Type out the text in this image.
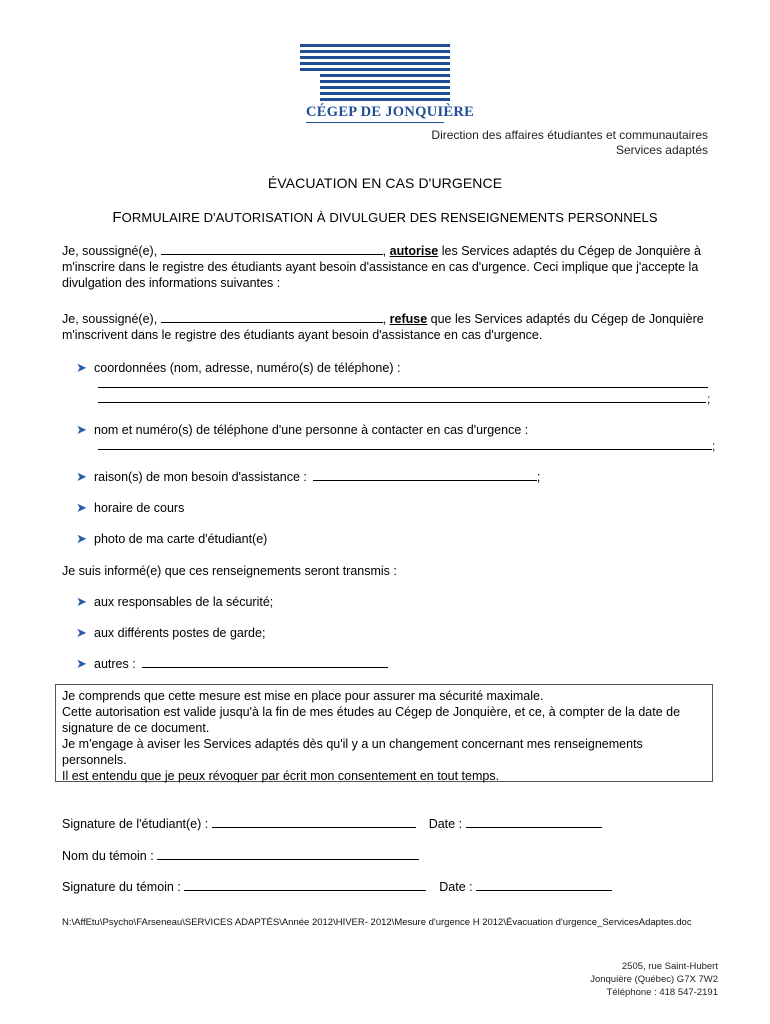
CÉGEP DE JONQUIÈRE
Direction des affaires étudiantes et communautaires
Services adaptés
ÉVACUATION EN CAS D'URGENCE
FORMULAIRE D'AUTORISATION À DIVULGUER DES RENSEIGNEMENTS PERSONNELS
Je, soussigné(e),	, autorise les Services adaptés du Cégep de Jonquière à m'inscrire dans le registre des étudiants ayant besoin d'assistance en cas d'urgence. Ceci implique que j'accepte la divulgation des informations suivantes :
Je, soussigné(e),	, refuse que les Services adaptés du Cégep de Jonquière m'inscrivent dans le registre des étudiants ayant besoin d'assistance en cas d'urgence.
➤ coordonnées (nom, adresse, numéro(s) de téléphone) :
;
➤ nom et numéro(s) de téléphone d'une personne à contacter en cas d'urgence :
;
➤ raison(s) de mon besoin d'assistance :	;
➤ horaire de cours
➤ photo de ma carte d'étudiant(e)
Je suis informé(e) que ces renseignements seront transmis :
➤ aux responsables de la sécurité;
➤ aux différents postes de garde;
➤ autres :
Je comprends que cette mesure est mise en place pour assurer ma sécurité maximale.
Cette autorisation est valide jusqu'à la fin de mes études au Cégep de Jonquière, et ce, à compter de la date de signature de ce document.
Je m'engage à aviser les Services adaptés dès qu'il y a un changement concernant mes renseignements personnels.
Il est entendu que je peux révoquer par écrit mon consentement en tout temps.
Signature de l'étudiant(e) :	Date :
Nom du témoin :
Signature du témoin :	Date :
N:\AffEtu\Psycho\FArseneau\SERVICES ADAPTÉS\Année 2012\HIVER- 2012\Mesure d'urgence H 2012\Évacuation d'urgence_ServicesAdaptes.doc
2505, rue Saint-Hubert
Jonquière (Québec) G7X 7W2
Téléphone : 418 547-2191
